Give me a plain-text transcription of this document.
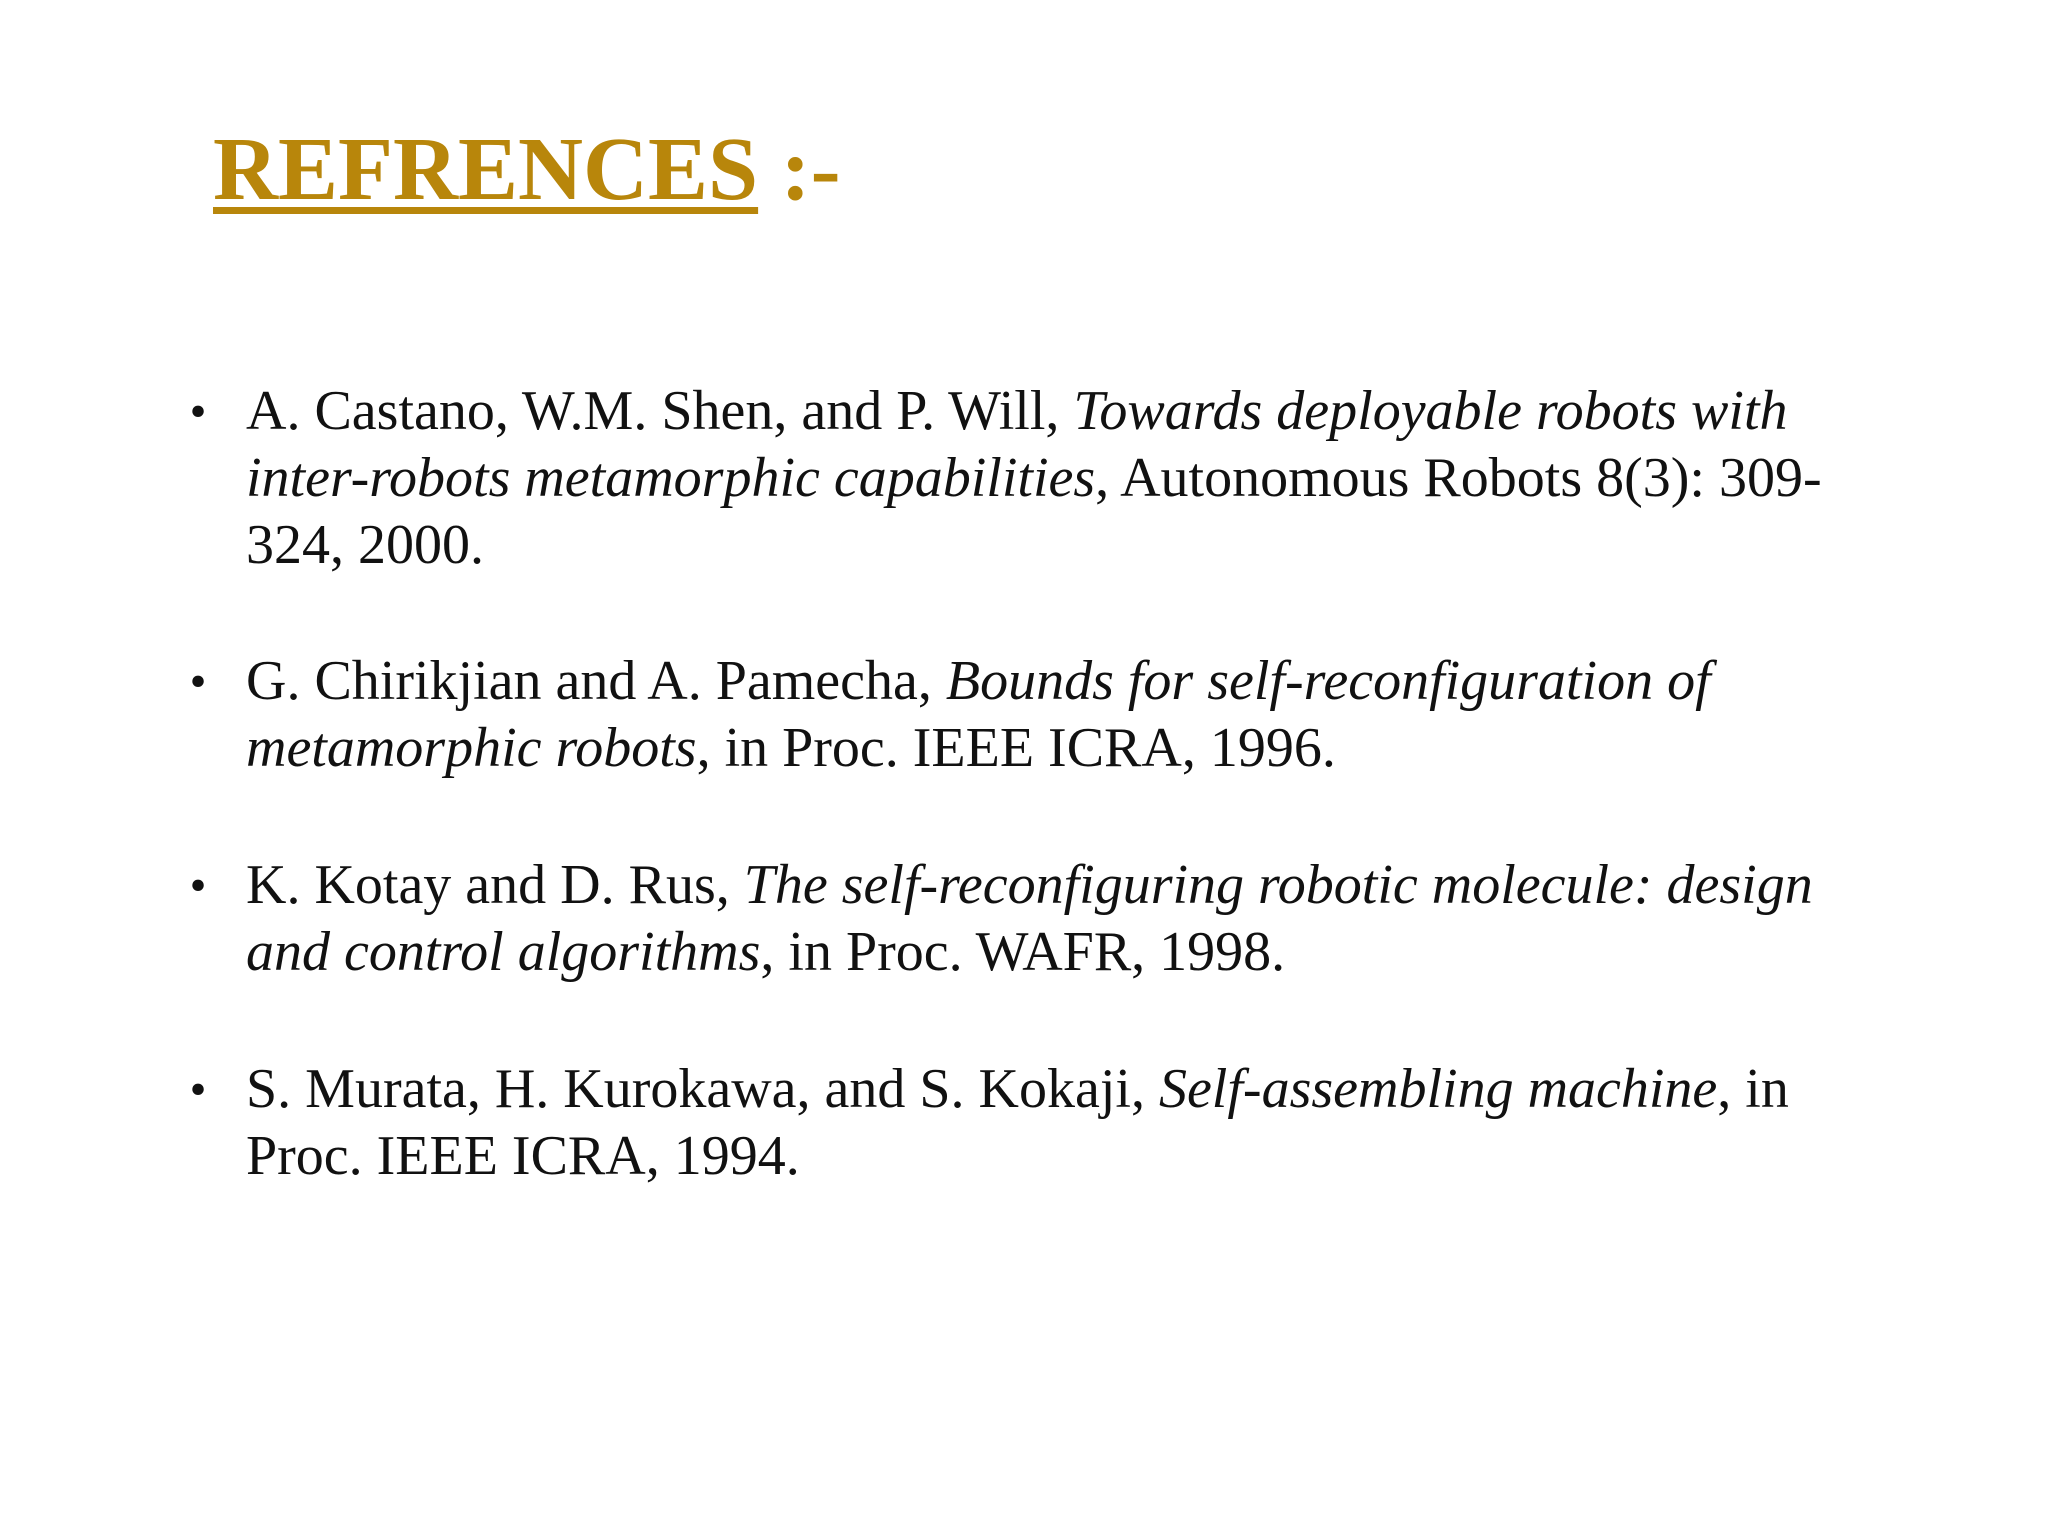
REFRENCES :-
• A. Castano, W.M. Shen, and P. Will, Towards deployable robots with inter-robots metamorphic capabilities, Autonomous Robots 8(3): 309-324, 2000.
• G. Chirikjian and A. Pamecha, Bounds for self-reconfiguration of metamorphic robots, in Proc. IEEE ICRA, 1996.
• K. Kotay and D. Rus, The self-reconfiguring robotic molecule: design and control algorithms, in Proc. WAFR, 1998.
• S. Murata, H. Kurokawa, and S. Kokaji, Self-assembling machine, in Proc. IEEE ICRA, 1994.
